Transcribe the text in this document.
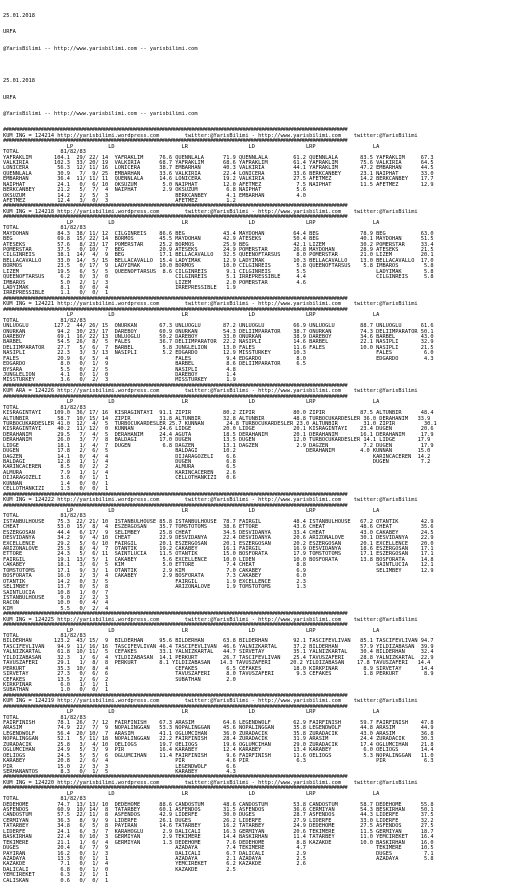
25.01.2018

URFA

@YarisBilimi -- http://www.yarisbilimi.com -- yarisbilimi.com

25.01.2018

URFA

@YarisBilimi -- http://www.yarisbilimi.com -- yarisbilimi.com

################################################################################################################################
KUM ING = 124214 http://yarisbilimi.wordpress.com        twitter:@YarisBilimi - http://www.yarisbilimi.com    twitter:@YarisBilimi
################################################################################################################################
LP           LD                     LR                   LD                LRP                  LA
TOTAL             81/82/83
YAFRAKLIM       104.1  29/ 22/ 14  YAFRAKLIM     76.6 QUENNLALA      71.9 QUENNLALA        61.2 QUENNLALA       83.5 YAFRAKLIM     67.3
VALKIRIA        102.3  33/ 20/ 19  VALKIRIA      68.7 YAFRAKLIM      68.6 YAFRAKLIM        61.4 YAFRAKLIM       75.6 VALKIRIA      64.5
LONICERA         56.3  12/ 11/ 16  LONICERA      38.7 EMBARHAN       40.3 VALKIRIA         44.1 YAFRAKLIM       47.2 EMBARHAN      44.5
QUENNLALA        30.9   7/  9/ 25  EMBARHAN      33.6 VALKIRIA       22.4 LONICERA         33.6 BERKCANBEY      23.1 NAIPHAT       33.0
EMBARHAN         36.4  11/ 11/ 11  QUENNLALA     14.6 LONICERA       19.2 VALKIRIA         27.5 AFETMEZ         14.2 BERKCANBEY    17.7
NAIPHAT          24.1   0/  6/ 10  OKSUZUM        5.0 NAIPHAT        12.0 AFETMEZ           7.5 NAIPHAT         11.5 AFETMEZ       12.9
BERKCANBEY       21.2   5/  7/  4  NAIPHAT        2.9 OKSUZUM         6.8 NAIPHAT           5.6
OKSUZUM          14.2   2/  5/  3                     BERKCANBEY      4.1 EMBARHAN          4.0
AFETMEZ          12.4   3/  0/  3                     AFETMEZ         1.2
################################################################################################################################
KUM ING = 124218 http://yarisbilimi.wordpress.com        twitter:@YarisBilimi - http://www.yarisbilimi.com    twitter:@YarisBilimi
################################################################################################################################
LP           LD                     LR                   LD                LRP                  LA
TOTAL             81/82/83
MAYDOHAN         84.3  38/ 11/ 12  CILGINREIS    86.6 BEG            43.4 MAYDOHAN         64.4 BEG             78.9 BEG           63.0
BEG              69.8  15/ 22/ 14  BORMOS        45.5 MAYDOHAN       42.9 ATESEKS          50.4 BEG             40.1 MAYDOHAN      51.5
ATESEKS          57.6   8/ 23/ 17  POMERSTAR     25.2 BORMOS         25.9 BEG              42.1 LIZEM           30.2 POMERSTAR     33.4
POMERSTAR        37.5   0/ 10/  7  BEG           20.9 ATESEKS        24.9 POMERSTAR        26.8 MAYDOHAN        28.9 ATESEKS       21.5
CILGINREIS       38.1  14/  4/  9  BEG           17.1 BELLACAVALLO   32.5 QUEENOFTARSUS     8.0 POMERSTAR       21.0 LIZEM         20.1
BELLACAVALLO     33.0  14/  5/ 15  BELLACAVALLO  15.4 LADYIMAK       12.9 LADYIMAK         10.3 BELLACAVALLO    13.0 BELLACAVALLO  17.0
BORMOS           23.5   0/ 17/  9  LADYIMAK      10.0 BORMOS         10.0 CILGINREIS        5.8 QUEENOFTARSUS    5.8 IMBAROS        5.8
LIZEM            19.5   6/  5/  5  QUEENOFTARSUS  8.6 CILGINREIS      9.1 CILGINREIS        5.5                      LADYIMAK       5.8
QUEENOFTARSUS     6.2   0/  3/  0                     CILGINREIS      5.1 IRREPRESSIBLE     4.4                      CILGINREIS     5.8
IMBAROS           5.0   2/  1/  3                     LIZEM           2.0 POMERSTAR         4.6
LADYIMAK          8.1   0/  0/  4                     IRREPRESSIBLE   1.9
IRREPRESSIBLE     1.1   0/  0/  1
################################################################################################################################
KUM ING = 124221 http://yarisbilimi.wordpress.com        twitter:@YarisBilimi - http://www.yarisbilimi.com    twitter:@YarisBilimi
################################################################################################################################
LP           LD                     LR                   LD                LRP                  LA
TOTAL             81/82/83
UNLUOGLU        127.2  44/ 26/ 15  ONURKAN       67.3 UNLUOGLU       87.2 UNLUOGLU         66.9 UNLUOGLU        88.7 UNLUOGLU      61.6
ONURKAN          94.2  30/ 23/ 17  DAREBOY       60.9 ONURKAN        54.3 DELIIMPARATOR    38.7 ONURKAN         74.3 DELIIMPARATOR 50.1
DAREBOY          69.1  16/ 22/ 13  UNLUOGLU      50.2 DAREBOY        33.0 ONURKAN          38.9 DAREBOY         34.6 BARBEL        43.0
BARBEL           54.5  26/  8/  5  FALES         36.7 DELIIMPARATOR  22.2 NASIPLI          14.6 BARBEL          22.1 NASIPLI       32.9
DELIIMPARATOR    27.7   5/  6/  7  BARBEL         5.8 JUNGLELION     13.0 FALES            11.6 FALES           10.0 NASIPLI       21.5
NASIPLI          22.3   3/  3/ 13  NASIPLI        5.2 EDGARDO        12.9 MISSTURKEY       10.3                      FALES          6.0
FALES            20.9   6/  5/  4                     FALES           9.4 EDGARDO           8.0                      EDGARDO        4.3
EDGARDO           8.0   0/  1/  9                     BARBEL          8.6 DELIIMPARATOR     6.5
BYSARA            5.5   0/  2/  5                     NASIPLI         4.8
JUNGLELION        4.1   0/  1/  0                     DAREBOY         1.4
MISSTURKEY        3.6   0/  2/  3                     MISSTURKEY      1.9
################################################################################################################################
KUM ARA = 124226 http://yarisbilimi.wordpress.com        twitter:@YarisBilimi - http://www.yarisbilimi.com    twitter:@YarisBilimi
################################################################################################################################
LP           LD                     LR                   LD                LRP                  LA
TOTAL             81/82/83
KISRAGINTAYI    109.0  36/ 17/ 16  KISRAGINTAYI  91.1 ZIPIR          80.2 ZIPIR            80.0 ZIPIR           87.5 ALTUNBIR      48.4
ALTUNBIR         58.7  10/ 15/ 14  ZIPIR         31.8 ALTUNBIR       32.8 ALTUNBIR         48.8 TURBOCUKARDESLER 36.0 DERAHANIM   33.9
TURBOCUKARDESLER 41.0  12/  4/  5  TURBOCUKARDESLER 25.7 KUNNAN       24.8 TURBOCUKARDESLER 23.0 ALTUNBIR        31.0 ZIPIR         30.1
KISRAGINTAYI     40.2  11/ 12/  0  KUNNAN        24.6 LIDGE          20.0 LIDGE            20.1 KISRAGINTAYI    23.4 DUGEN         20.6
DERAHANIM        29.5   7/  4/  5  DERAHANIM     24.4 AGUTA          18.5 DERAHANIM        20.1 DERAHANIM       16.1 DERAHANIM     17.9
DERAHANIM        26.0   3/  7/  8  BALDAGI       17.0 DUGEN          13.5 DUGEN            12.0 TURBOCUKARDESLER 14.1 LIDGE       17.9
LIDGE            18.1   1/  4/  7  DUGEN          6.8 DAGZEN         13.1 DAGZEN            2.9 DAGZEN           7.2 DUGEN         17.9
DUGEN            17.8   2/  6/  5                     BALDAGI        10.2                      DERAHANIM        4.0 KUNNAN        15.0
DAGZEN           14.1   0/  4/  4                     DIJARAGOZELI    6.6                                           KARINCACEREN  14.2
BALDAGI          12.8   1/  1/  4                     DUGEN           6.8                                           DUGEN          7.2
KARINCACEREN      8.5   0/  2/  2                     ALMURA          6.5
ALMURA            7.9   1/  1/  4                     KARINCACEREN    2.6
DIJARAGOZELI      3.6   0/  1/  1                     CELLOTHANKIZI   0.6
KUNNAN            1.4   0/  0/  1
CELLOTHANKIZI     1.3   0/  0/  1
################################################################################################################################
KUM ING = 124222 http://yarisbilimi.wordpress.com        twitter:@YarisBilimi - http://www.yarisbilimi.com    twitter:@YarisBilimi
################################################################################################################################
LP           LD                     LR                   LD                LRP                  LA
TOTAL             81/82/83
ISTANBULHOUSE    75.3  22/ 21/ 10  ISTANBULHOUSE 85.8 ISTANBULHOUSE  78.7 FAIRGIL          48.4 ISTANBULHOUSE   67.2 OTANTIK       42.9
CHEAT            53.0  15/  8/  4  ESZERGOSAN    35.7 TOMSTOTOMS     38.6 ETTORE           43.6 CHEAT           48.6 CHEAT         35.6
ESZERGOSAN       44.4   6/ 17/  9  SELIMBEY      25.8 CHEAT          34.5 DESVIDANYA       33.4 CHEAT           43.0 CAKABEY       24.5
DESVIDANYA       34.2   9/  4/ 10  CHEAT         22.9 DESVIDANYA     22.4 DESVIDANYA       20.6 ARIZONALOVE     30.1 DESVIDANYA    22.9
EXCELLENCE       29.2   5/  6/ 10  FAIRGIL       20.1 ESZERGOSAN     20.1 ESZERGOSAN       20.2 ESZERGOSAN      20.1 EXCELLENCE    20.0
ARIZONALOVE      25.3   8/  4/  7  OTANTIK       19.2 CAKABEY        16.1 FAIRGIL          16.9 DESVIDANYA      18.6 ESZERGOSAN    17.1
ETTORE           24.3   5/  6/ 11  SAINTLUCIA    11.5 OTANTIK        15.0 BOSFORATA        17.9 TOMSTOTOMS      17.1 ESZERGOSAN    17.1
FAIRGIL          19.1  13/  5/  1  CAKABEY        5.6 EXCELLENCE     10.0 LIDEN            10.0 BOSFORATA       13.8 BOSFORATA     14.8
CAKABEY          18.1   3/  6/  5  KIM            5.0 ETTORE          7.4 CHEAT             8.8                      SAINTLUCIA    12.1
TOMSTOTOMS       17.1   9/  3/  1  OTANTIK        2.9 KIM             7.0 CAKABEY           6.9                      SELIMBEY      12.9
BOSFORATA        16.0   2/  3/  4  CAKABEY        2.9 BOSFORATA       7.3 CAKABEY           6.0
OTANTIK          14.2   0/  3/  5                     FAIRGIL         1.9 EXCELLENCE        2.3
SELIMBEY         13.7   0/  5/  8                     ARIZONALOVE     1.9 TOMSTOTOMS        1.3
SAINTLUCIA       10.8   1/  0/  7
ISTANBULHOUSE     9.0   2/  2/  3
RACON            10.0   0/  4/  4
KIM               5.5   0/  2/  4
################################################################################################################################
KUM ING = 124225 http://yarisbilimi.wordpress.com        twitter:@YarisBilimi - http://www.yarisbilimi.com    twitter:@YarisBilimi
################################################################################################################################
LP           LD                     LR                   LD                LRP                  LA
TOTAL             81/82/83
BILDERHAN       123.2  43/ 15/  9  BILDERHAN     95.6 BILDERHAN      63.8 BILDERHAN        92.1 TASCIFEVLIVAN   85.1 TASCIFEVLIVAN 94.7
TASCIFEVLIVAN    94.9  11/ 16/ 16  TASCIFEVLIVAN 46.4 TASCIFEVLIVAN  46.6 YALNIZKARTAL     37.2 BILDERHAN       57.9 YILDIZABASAN  39.9
YALNIZKARTAL     61.8  10/ 11/  5  CEFAKES       33.1 YALNIZKARTAL   44.7 SIRVETAY         35.1 YALNIZKARTAL    30.4 BILDERHAN     32.4
YILDIZABASAN     32.3   1/  6/  4  YILDIZABASAN  14.1 PERKURT        26.7 TASCIFEVLIVAN    25.4 TAVUSZAFERI     28.8 YALNIZKARTAL  22.9
TAVUSZAFERI      29.1   1/  8/  8  PERKURT       8.1 YILDIZABASAN   14.3 TAVUSZAFERI      20.2 YILDIZABASAN    17.8 TAVUSZAFERI   14.4
PERKURT          35.3  10/  8/  4                     CEFAKES         6.5 CEFAKES          18.0 KIRKPINAR        8.9 SIRVETAY      14.4
SIRVETAY         27.3   0/  6/  6                     TAVUSZAFERI     8.0 TAVUSZAFERI       9.3 CEFAKES          1.8 PERKURT        8.9
CEFAKES          13.5   2/  6/  2                     SUBATHAN        2.0
KIRKPINAR         6.0   1/  1/  1
SUBATHAN          1.0   0/  0/  1
################################################################################################################################
KUM ING = 124219 http://yarisbilimi.wordpress.com        twitter:@YarisBilimi - http://www.yarisbilimi.com    twitter:@YarisBilimi
################################################################################################################################
LP           LD                     LR                   LD                LRP                  LA
TOTAL             81/82/83
FAIRFINISH       78.1  26/  7/ 12  FAIRFINISH    67.3 ARASIM         64.6 LEGENDWOLF       62.9 FAIRFINISH      59.7 FAIRFINISH    47.8
ARASIM           74.9  22/  7/  9  NOPALINGGAN   53.3 NOPALINGGAN    45.6 NOPALINGGAN      35.8 LEGENDWOLF      44.8 ARASIM        44.9
LEGENDWOLF       56.4  20/ 10/  7  ARASIM        41.1 OGLUMCIHAN     36.0 ZURADACIK        35.8 ZURADACIK       43.0 ARASIM        36.8
NOPALINGGAN      52.1   5/ 11/ 18  NOPALINGGAN   22.2 FAIRFINISH     28.4 ZURADACIK        31.9 ARASIM          24.4 ZURADACIK     30.3
ZURADACIK        25.8   3/  4/ 10  OELIOGS       19.7 OELIOGS        19.6 OGLUMCIHAN       29.0 ZURADACIK       17.4 OGLUMCIHAN    21.8
OGLUMCIHAN       24.9   5/  3/  9  PIR           16.4 KARABEY        12.4 KARABEY          13.4 KARABEY          6.0 OELIOGS       14.4
OELIOGS          24.5   5/  5/  6  OGLUMCIHAN    11.4 FAIRFINISH      9.6 FAIRFINISH       11.6 OELIOGS          5.3 NOPALINGGAN   11.0
KARABEY          20.8   2/  6/  4                     PIR             4.6 PIR               6.3                      PIR            6.3
PIR              15.0   2/  3/  3                     LEGENDWOLF      6.6
SERHANANTOS       8.3   0/  1/  5                     KARABEY         4.3
################################################################################################################################
KUM ING = 124220 http://yarisbilimi.wordpress.com        twitter:@YarisBilimi - http://www.yarisbilimi.com    twitter:@YarisBilimi
################################################################################################################################
LP           LD                     LR                   LD                LRP                  LA
TOTAL             81/82/83
DEDEHOME         74.7  13/ 13/ 10  DEDEHOME      88.6 CANDOSTUM      48.6 CANDOSTUM        53.8 CANDOSTUM       58.7 DEDEHOME      55.8
ASFENDOS         60.9  10/ 14/  8  TATARBEY      60.1 ASFENDOS       31.5 ASFENDOS         36.6 CERMIYAN        54.3 BESKIRHAN     50.1
CANDOSTUM        57.5  22/ 11/  8  ASFENDOS      42.9 LIDERFE        30.0 DUGES            28.7 ASFENDOS        44.3 LIDERFE       37.5
CERMIYAN         36.3   8/  9/  9  LIDERFE       26.1 DUGES          26.2 LIDERFE          27.9 LIDERFE         33.0 LIDERFE       32.2
TATARBEY         34.8   6/  5/  8  PAYIRAN       14.6 TATARBEY       16.2 TATARBEY         24.9 DEDEHOME        27.5 ASFENDOS      27.5
LIDERFE          24.1   6/  3/  7  KARAHOGLU      2.9 DALICALI       16.3 GERMIYAN         20.6 TEKIMERE        11.5 GERMIYAN      18.7
BASKIRHAN        22.4   0/ 10/  3  GERMIYAN       2.9 TEKIMERE       14.4 BASKIRHAN        11.4 TATARBEY        11.0 YEMCIREKET    16.4
TEKIMERE         21.1   1/  6/  4  GERMIYAN       1.3 DEDEHOME        7.6 DEDEHOME          8.8 KAZAKDE         10.0 BASKIRHAN     16.0
DUGES            20.4   6/  7/  9                     AZADAYA         7.4 TEKIMERE          4.7                      TEKIMERE      10.5
PAYIRAN          16.2   0/  1/  3                     DALICALI        6.7 DALICALI          2.9                      DUGES          7.1
AZADAYA          13.3   0/  1/  1                     AZADAYA         2.1 AZADAYA           2.5                      AZADAYA        5.8
KAZAKDE           7.1   0/  1/  4                     YEMCIREKET      6.2 KAZAKDE           2.6
DALICALI          6.8   0/  1/  0                     KAZAKDE         2.5
YEMCIREKET        6.3   2/  1/  1
CALISKAN          0.6   0/  0/  1
